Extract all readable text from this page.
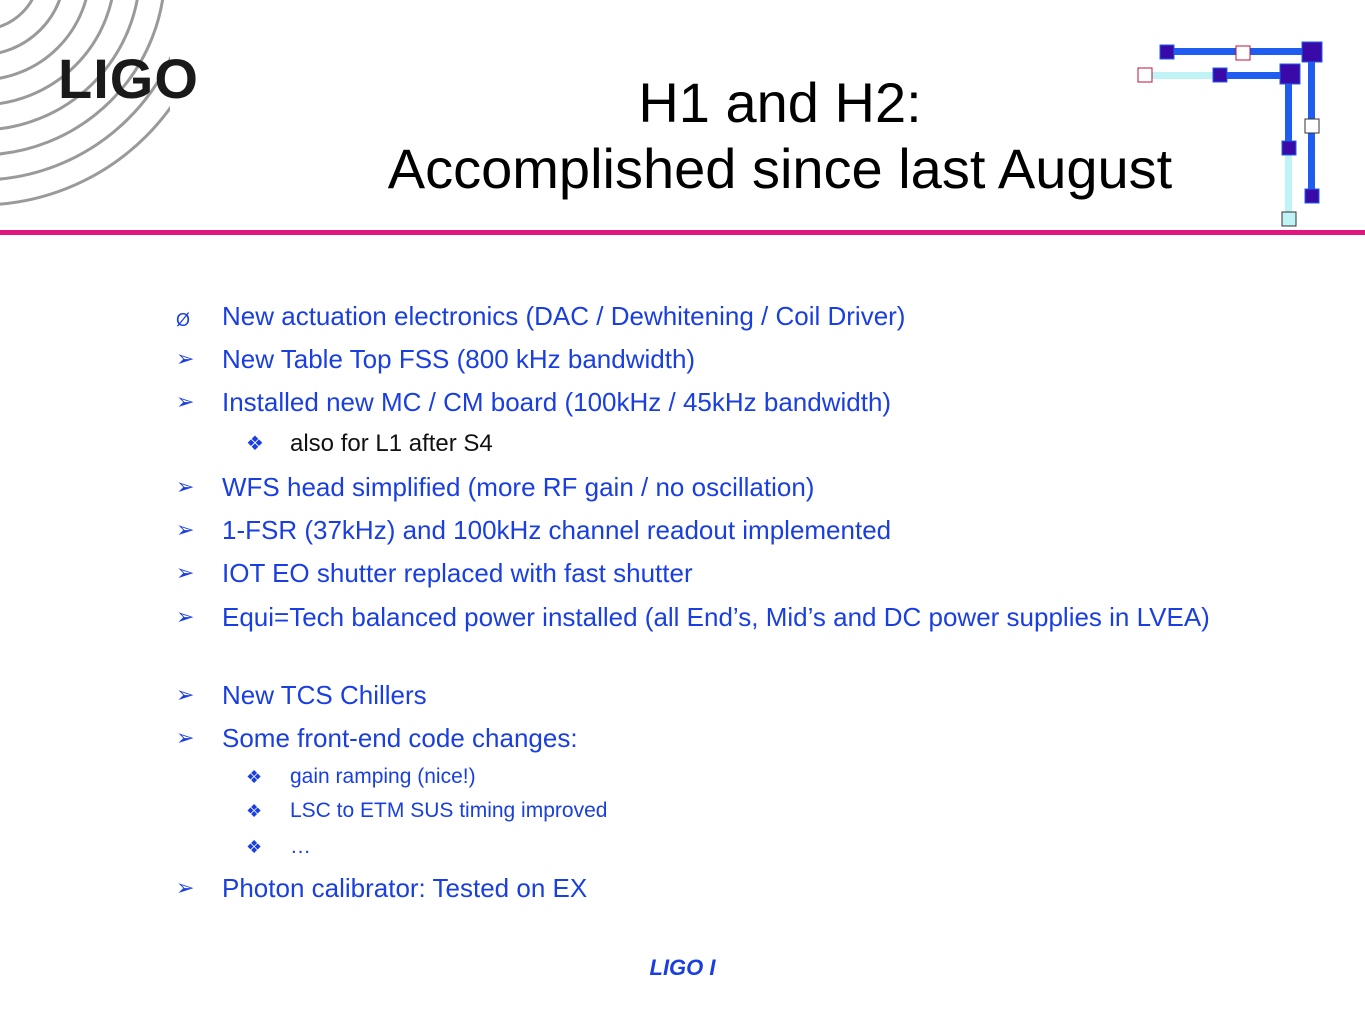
LIGO	H1 and H2:
Accomplished since last August
Ø New actuation electronics (DAC / Dewhitening / Coil Driver)
➢ New Table Top FSS (800 kHz bandwidth)
➢ Installed new MC / CM board (100kHz / 45kHz bandwidth)
❖ also for L1 after S4
➢ WFS head simplified (more RF gain / no oscillation)
➢ 1-FSR (37kHz) and 100kHz channel readout implemented
➢ IOT EO shutter replaced with fast shutter
➢ Equi=Tech balanced power installed (all End’s, Mid’s and DC power supplies in LVEA)
➢ New TCS Chillers
➢ Some front-end code changes:
❖ gain ramping (nice!)
❖ LSC to ETM SUS timing improved
❖ …
➢ Photon calibrator: Tested on EX
LIGO I
